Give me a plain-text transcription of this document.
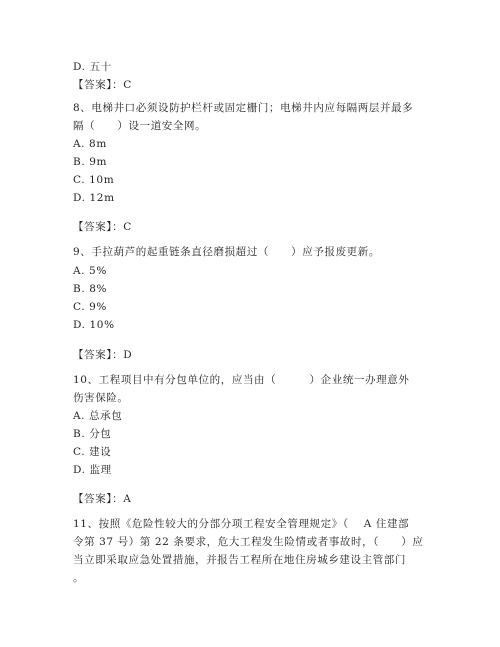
D. 五十
【答案】：C
8、电梯井口必须设防护栏杆或固定栅门；电梯井内应每隔两层并最多
隔（　　）设一道安全网。
A. 8m
B. 9m
C. 10m
D. 12m
【答案】：C
9、手拉葫芦的起重链条直径磨损超过（　　）应予报废更新。
A. 5%
B. 8%
C. 9%
D. 10%
【答案】：D
10、工程项目中有分包单位的，应当由（　　　）企业统一办理意外
伤害保险。
A. 总承包
B. 分包
C. 建设
D. 监理
【答案】：A
11、按照《危险性较大的分部分项工程安全管理规定》（　 A 住建部
令第 37 号）第 22 条要求，危大工程发生险情或者事故时，（　　）应
当立即采取应急处置措施，并报告工程所在地住房城乡建设主管部门
。
